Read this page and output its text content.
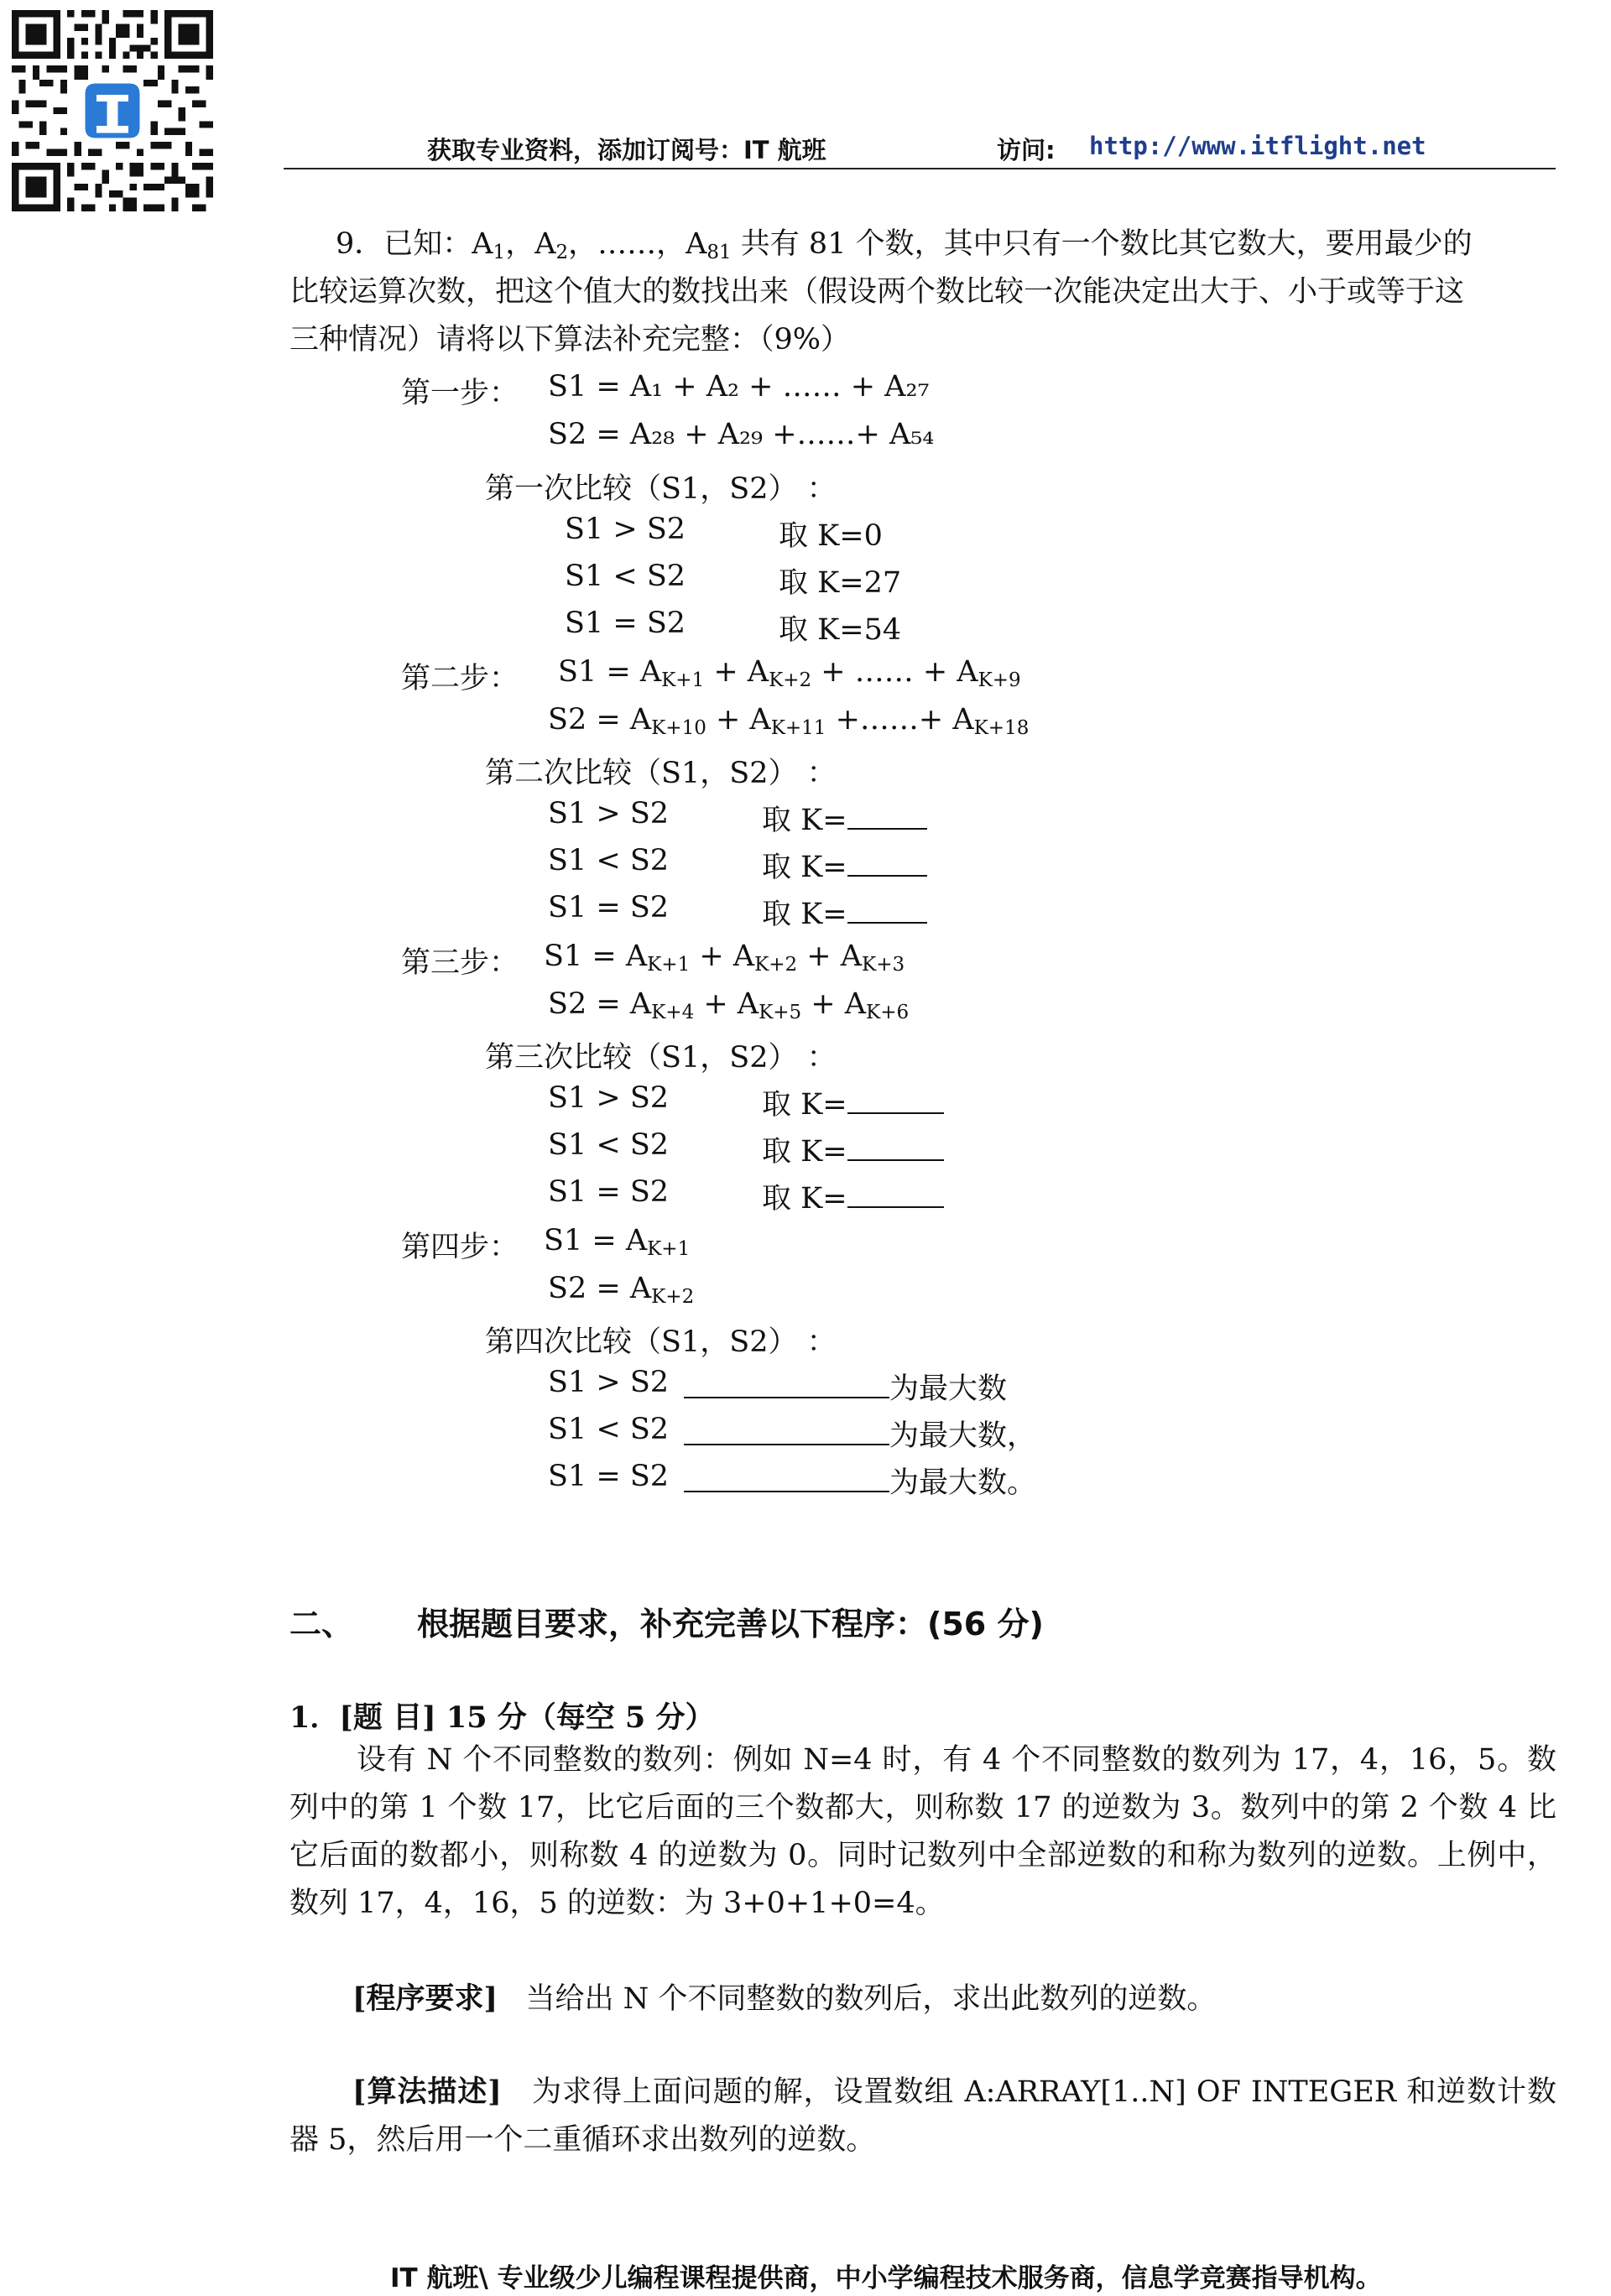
获取专业资料，添加订阅号：IT 航班	访问: http://www.itflight.net
9．已知：$A_1$，$A_2$，……，$A_{81}$ 共有 81 个数，其中只有一个数比其它数大，要用最少的
比较运算次数，把这个值大的数找出来（假设两个数比较一次能决定出大于、小于或等于这
三种情况）请将以下算法补充完整：（9%）
第一步： S1 = A₁ + A₂ + …… + A₂₇
S2 = A₂₈ + A₂₉ +……+ A₅₄
第一次比较（S1，S2） ：
S1 > S2	取 K=0
S1 < S2	取 K=27
S1 = S2	取 K=54
第二步： $S1 = A_{K+1} + A_{K+2}$ + …… + $A_{K+9}$
$S2 = A_{K+10} + A_{K+11}$ +……+ $A_{K+18}$
第二次比较（S1，S2） ：
S1 > S2	取 K=
S1 < S2	取 K=
S1 = S2	取 K=
第三步： $S1 = A_{K+1} + A_{K+2} + A_{K+3}$
$S2 = A_{K+4} + A_{K+5} + A_{K+6}$
第三次比较（S1，S2） ：
S1 > S2	取 K=
S1 < S2	取 K=
S1 = S2	取 K=
第四步： $S1 = A_{K+1}$
$S2 = A_{K+2}$
第四次比较（S1，S2） ：
S1 > S2	为最大数
S1 < S2	为最大数，
S1 = S2	为最大数。
二、 根据题目要求，补充完善以下程序：(56 分)
1．[题 目] 15 分（每空 5 分）
设有 N 个不同整数的数列：例如 N=4 时，有 4 个不同整数的数列为 17，4，16，5。数列中的第 1 个数 17，比它后面的三个数都大，则称数 17 的逆数为 3。数列中的第 2 个数 4 比它后面的数都小，则称数 4 的逆数为 0。同时记数列中全部逆数的和称为数列的逆数。上例中，数列 17，4，16，5 的逆数：为 3+0+1+0=4。
[程序要求] 当给出 N 个不同整数的数列后，求出此数列的逆数。
[算法描述] 为求得上面问题的解，设置数组 A:ARRAY[1..N] OF INTEGER 和逆数计数器 5，然后用一个二重循环求出数列的逆数。
IT 航班\ 专业级少儿编程课程提供商，中小学编程技术服务商，信息学竞赛指导机构。
